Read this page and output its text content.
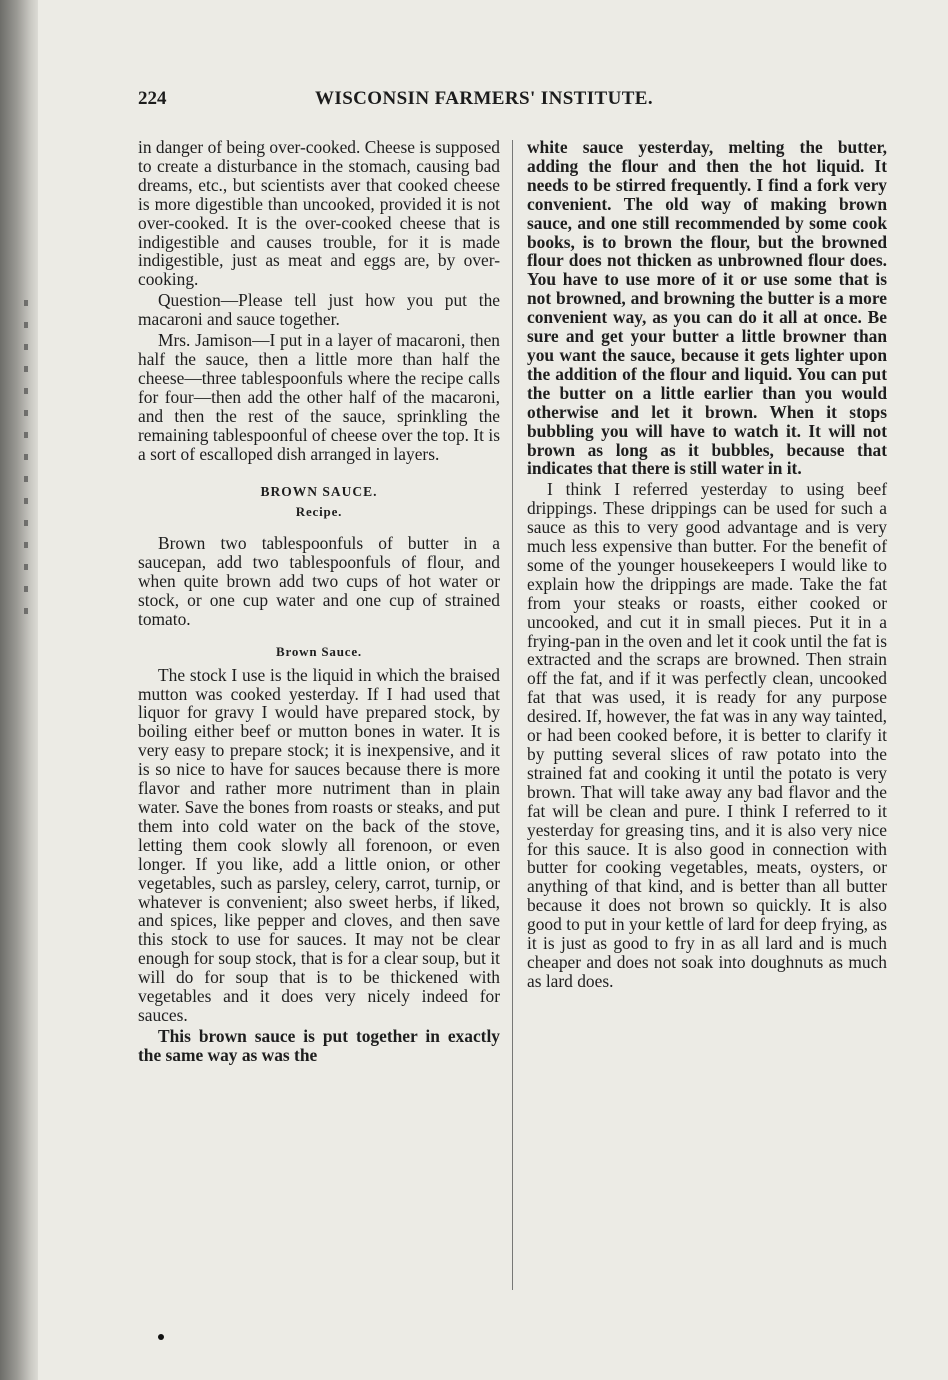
224	WISCONSIN FARMERS' INSTITUTE.

in danger of being over-cooked. Cheese is supposed to create a disturbance in the stomach, causing bad dreams, etc., but scientists aver that cooked cheese is more digestible than uncooked, provided it is not over-cooked. It is the over-cooked cheese that is indigestible and causes trouble, for it is made indigestible, just as meat and eggs are, by over-cooking.

Question—Please tell just how you put the macaroni and sauce together.

Mrs. Jamison—I put in a layer of macaroni, then half the sauce, then a little more than half the cheese—three tablespoonfuls where the recipe calls for four—then add the other half of the macaroni, and then the rest of the sauce, sprinkling the remaining tablespoonful of cheese over the top. It is a sort of escalloped dish arranged in layers.

BROWN SAUCE.

Recipe.

Brown two tablespoonfuls of butter in a saucepan, add two tablespoonfuls of flour, and when quite brown add two cups of hot water or stock, or one cup water and one cup of strained tomato.

Brown Sauce.

The stock I use is the liquid in which the braised mutton was cooked yesterday. If I had used that liquor for gravy I would have prepared stock, by boiling either beef or mutton bones in water. It is very easy to prepare stock; it is inexpensive, and it is so nice to have for sauces because there is more flavor and rather more nutriment than in plain water. Save the bones from roasts or steaks, and put them into cold water on the back of the stove, letting them cook slowly all forenoon, or even longer. If you like, add a little onion, or other vegetables, such as parsley, celery, carrot, turnip, or whatever is convenient; also sweet herbs, if liked, and spices, like pepper and cloves, and then save this stock to use for sauces. It may not be clear enough for soup stock, that is for a clear soup, but it will do for soup that is to be thickened with vegetables and it does very nicely indeed for sauces.

This brown sauce is put together in exactly the same way as was the

white sauce yesterday, melting the butter, adding the flour and then the hot liquid. It needs to be stirred frequently. I find a fork very convenient. The old way of making brown sauce, and one still recommended by some cook books, is to brown the flour, but the browned flour does not thicken as unbrowned flour does. You have to use more of it or use some that is not browned, and browning the butter is a more convenient way, as you can do it all at once. Be sure and get your butter a little browner than you want the sauce, because it gets lighter upon the addition of the flour and liquid. You can put the butter on a little earlier than you would otherwise and let it brown. When it stops bubbling you will have to watch it. It will not brown as long as it bubbles, because that indicates that there is still water in it.

I think I referred yesterday to using beef drippings. These drippings can be used for such a sauce as this to very good advantage and is very much less expensive than butter. For the benefit of some of the younger housekeepers I would like to explain how the drippings are made. Take the fat from your steaks or roasts, either cooked or uncooked, and cut it in small pieces. Put it in a frying-pan in the oven and let it cook until the fat is extracted and the scraps are browned. Then strain off the fat, and if it was perfectly clean, uncooked fat that was used, it is ready for any purpose desired. If, however, the fat was in any way tainted, or had been cooked before, it is better to clarify it by putting several slices of raw potato into the strained fat and cooking it until the potato is very brown. That will take away any bad flavor and the fat will be clean and pure. I think I referred to it yesterday for greasing tins, and it is also very nice for this sauce. It is also good in connection with butter for cooking vegetables, meats, oysters, or anything of that kind, and is better than all butter because it does not brown so quickly. It is also good to put in your kettle of lard for deep frying, as it is just as good to fry in as all lard and is much cheaper and does not soak into doughnuts as much as lard does.
